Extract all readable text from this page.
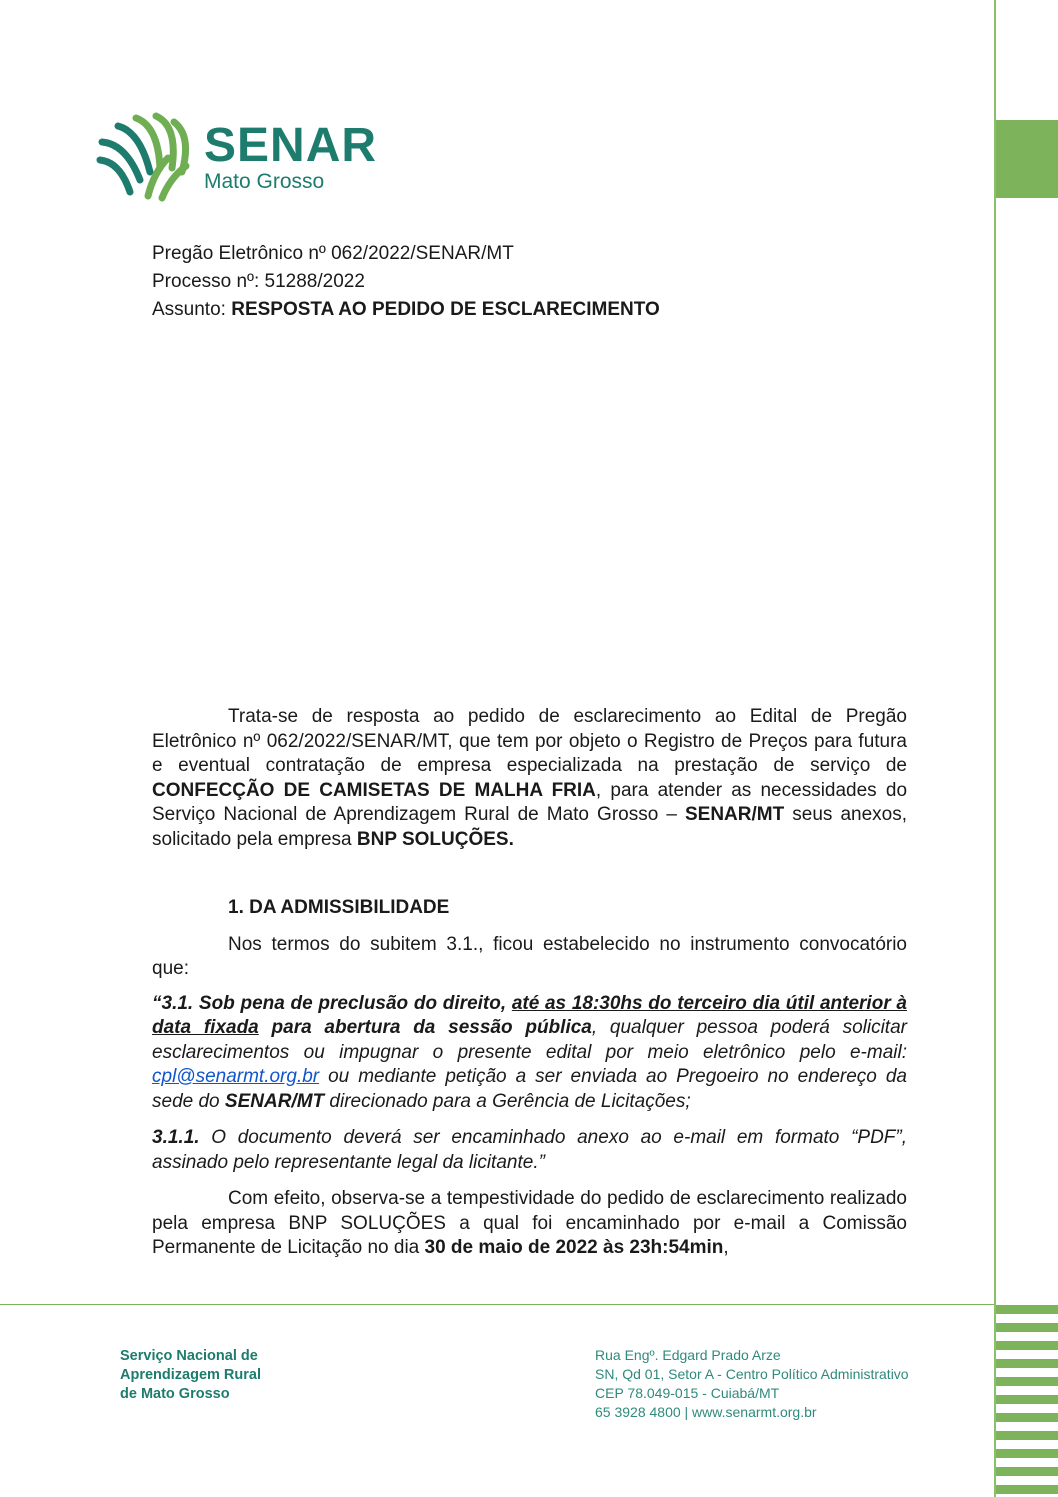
SENAR
Mato Grosso
Pregão Eletrônico nº 062/2022/SENAR/MT
Processo nº: 51288/2022
Assunto: RESPOSTA AO PEDIDO DE ESCLARECIMENTO

Trata-se de resposta ao pedido de esclarecimento ao Edital de Pregão Eletrônico nº 062/2022/SENAR/MT, que tem por objeto o Registro de Preços para futura e eventual contratação de empresa especializada na prestação de serviço de CONFECÇÃO DE CAMISETAS DE MALHA FRIA, para atender as necessidades do Serviço Nacional de Aprendizagem Rural de Mato Grosso – SENAR/MT seus anexos, solicitado pela empresa BNP SOLUÇÕES.

1. DA ADMISSIBILIDADE

Nos termos do subitem 3.1., ficou estabelecido no instrumento convocatório que:

“3.1. Sob pena de preclusão do direito, até as 18:30hs do terceiro dia útil anterior à data fixada para abertura da sessão pública, qualquer pessoa poderá solicitar esclarecimentos ou impugnar o presente edital por meio eletrônico pelo e-mail: cpl@senarmt.org.br ou mediante petição a ser enviada ao Pregoeiro no endereço da sede do SENAR/MT direcionado para a Gerência de Licitações;

3.1.1. O documento deverá ser encaminhado anexo ao e-mail em formato “PDF”, assinado pelo representante legal da licitante.”

Com efeito, observa-se a tempestividade do pedido de esclarecimento realizado pela empresa BNP SOLUÇÕES a qual foi encaminhado por e-mail a Comissão Permanente de Licitação no dia 30 de maio de 2022 às 23h:54min,

Serviço Nacional de
Aprendizagem Rural
de Mato Grosso
Rua Engº. Edgard Prado Arze
SN, Qd 01, Setor A - Centro Político Administrativo
CEP 78.049-015 - Cuiabá/MT
65 3928 4800 | www.senarmt.org.br
